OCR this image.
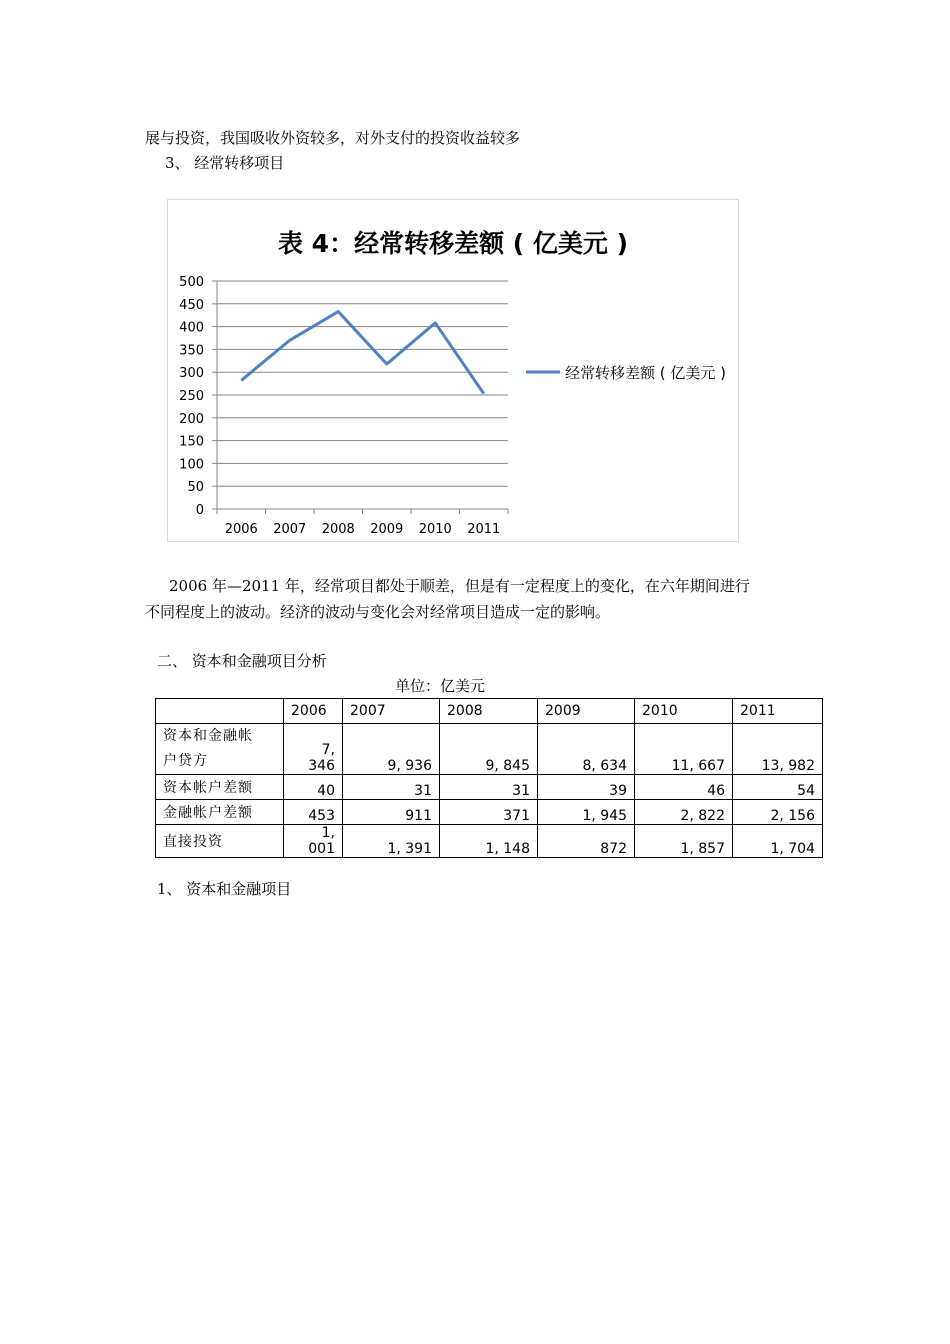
展与投资，我国吸收外资较多，对外支付的投资收益较多
3、 经常转移项目
表 4：经常转移差额 ( 亿美元 )
0
50
100
150
200
250
300
350
400
450
500
2006 2007 2008 2009 2010 2011
经常转移差额 ( 亿美元 )
2006 年—2011 年，经常项目都处于顺差，但是有一定程度上的变化，在六年期间进行
不同程度上的波动。经济的波动与变化会对经常项目造成一定的影响。
二、 资本和金融项目分析
单位：亿美元
	2006	2007	2008	2009	2010	2011

资本和金融帐
户贷方	7, 346	9, 936	9, 845	8, 634	11, 667	13, 982
资本帐户差额	40	31	31	39	46	54
金融帐户差额	453	911	371	1, 945	2, 822	2, 156
直接投资	1, 001	1, 391	1, 148	872	1, 857	1, 704
1、 资本和金融项目
